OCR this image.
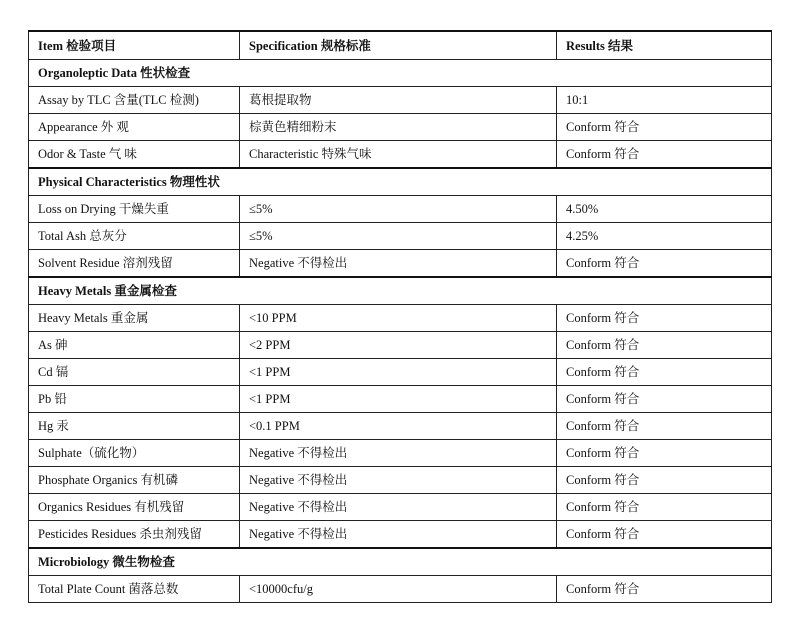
Item 检验项目	Specification 规格标准	Results 结果
Organoleptic Data 性状检查		
Assay by TLC 含量(TLC 检测)	葛根提取物	10:1
Appearance 外 观	棕黄色精细粉末	Conform 符合
Odor & Taste 气 味	Characteristic 特殊气味	Conform 符合
Physical Characteristics 物理性状		
Loss on Drying 干燥失重	≤5%	4.50%
Total Ash 总灰分	≤5%	4.25%
Solvent Residue 溶剂残留	Negative 不得检出	Conform 符合
Heavy Metals 重金属检查		
Heavy Metals 重金属	<10 PPM	Conform 符合
As 砷	<2 PPM	Conform 符合
Cd 镉	<1 PPM	Conform 符合
Pb 铅	<1 PPM	Conform 符合
Hg 汞	<0.1 PPM	Conform 符合
Sulphate（硫化物）	Negative 不得检出	Conform 符合
Phosphate Organics 有机磷	Negative 不得检出	Conform 符合
Organics Residues 有机残留	Negative 不得检出	Conform 符合
Pesticides Residues 杀虫剂残留	Negative 不得检出	Conform 符合
Microbiology 微生物检查		
Total Plate Count 菌落总数	<10000cfu/g	Conform 符合
